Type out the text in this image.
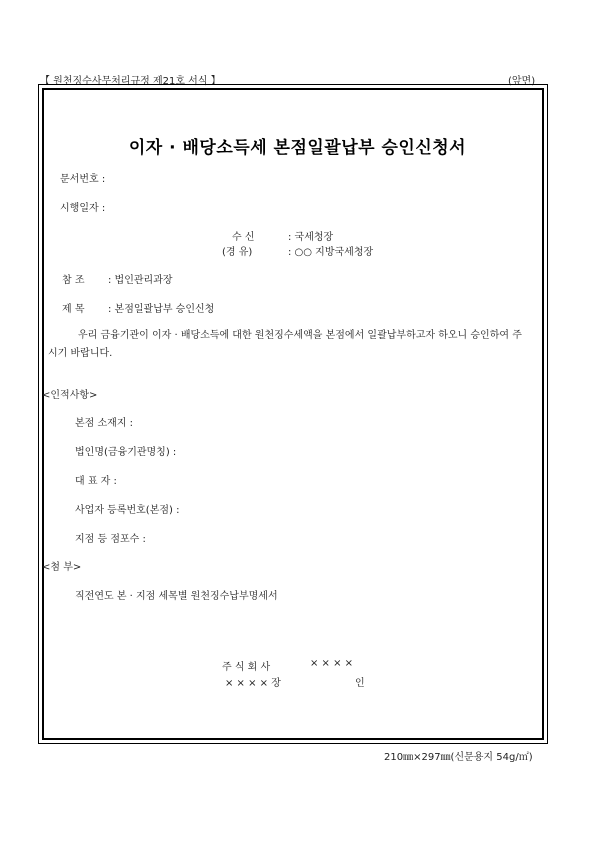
【 원천징수사무처리규정 제21호 서식 】	(앞면)
이자 · 배당소득세 본점일괄납부 승인신청서
문서번호 :
시행일자 :
수 신	: 국세청장
(경 유)	: ○○ 지방국세청장
참 조 : 법인관리과장
제 목 : 본점일괄납부 승인신청
우리 금융기관이 이자 · 배당소득에 대한 원천징수세액을 본점에서 일괄납부하고자 하오니 승인하여 주시기 바랍니다.
<인적사항>
본점 소재지 :
법인명(금융기관명칭) :
대 표 자 :
사업자 등록번호(본점) :
지점 등 점포수 :
<첨 부>
직전연도 본 · 지점 세목별 원천징수납부명세서
주 식 회 사	× × × ×
× × × × 장	인
210㎜×297㎜(신문용지 54g/㎡)
